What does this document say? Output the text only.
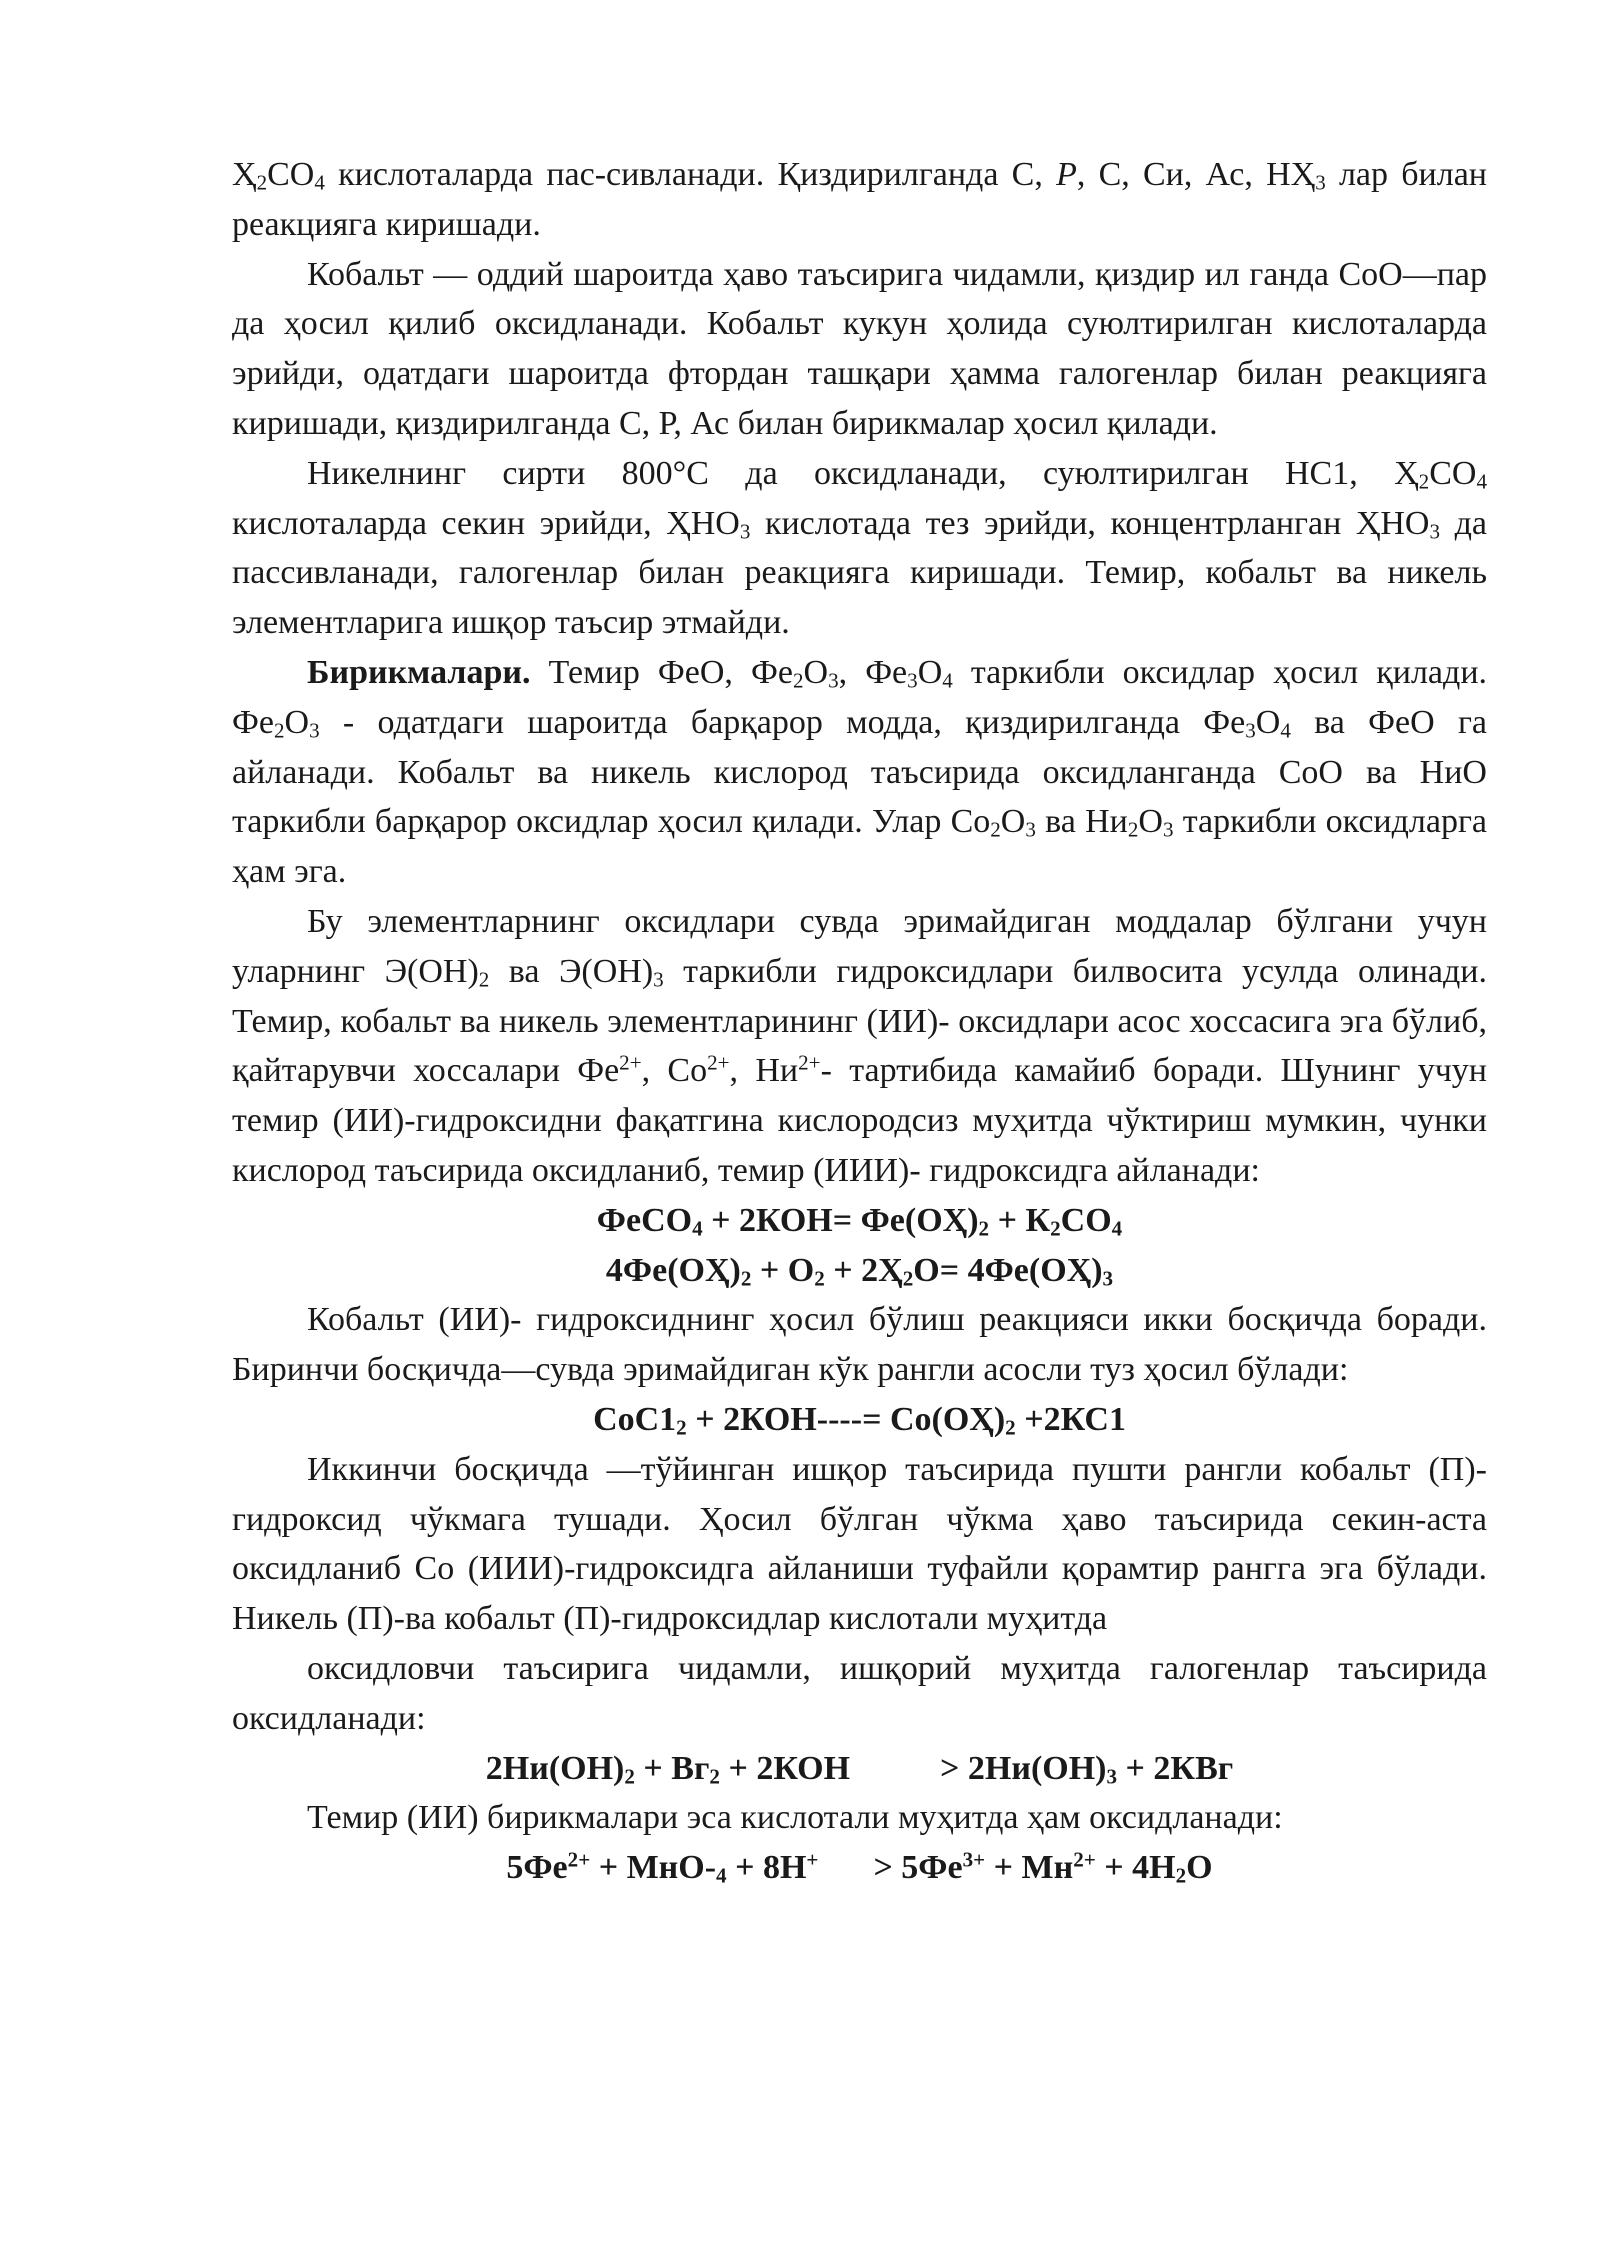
$Ҳ_2СО_4$ кислоталарда пас-сивланади. Қиздирилганда С, Р, С, Си, Ас, $НҲ_3$ лар билан реакцияга киришади.

Кобальт — оддий шароитда ҳаво таъсирига чидамли, қиздир ил ганда СоО—пар да ҳосил қилиб оксидланади. Кобальт кукун ҳолида суюлтирилган кислоталарда эрийди, одатдаги шароитда фтордан ташқари ҳамма галогенлар билан реакцияга киришади, қиздирилганда С, Р, Ас билан бирикмалар ҳосил қилади.

Никелнинг сирти 800°С да оксидланади, суюлтирилган НС1, $Ҳ_2СО_4$ кислоталарда секин эрийди, $ҲНО_3$ кислотада тез эрийди, концентрланган $ҲНО_3$ да пассивланади, галогенлар билан реакцияга киришади. Темир, кобальт ва никель элементларига ишқор таъсир этмайди.

Бирикмалари. Темир ФеО, $Фе_2О_3$, $Фе_3О_4$ таркибли оксидлар ҳосил қилади. $Фе_2О_3$ - одатдаги шароитда барқарор модда, қиздирилганда $Фе_3О_4$ ва ФеО га айланади. Кобальт ва никель кислород таъсирида оксидланганда СоО ва НиО таркибли барқарор оксидлар ҳосил қилади. Улар $Со_2О_3$ ва $Ни_2О_3$ таркибли оксидларга ҳам эга.

Бу элементларнинг оксидлари сувда эримайдиган моддалар бўлгани учун уларнинг $Э(ОН)_2$ ва $Э(ОН)_3$ таркибли гидроксидлари билвосита усулда олинади. Темир, кобальт ва никель элементларининг (ИИ)- оксидлари асос хоссасига эга бўлиб, қайтарувчи хоссалари $Фе^{2+}$, $Со^{2+}$, $Ни^{2+}-$ тартибида камайиб боради. Шунинг учун темир (ИИ)-гидроксидни фақатгина кислородсиз муҳитда чўктириш мумкин, чунки кислород таъсирида оксидланиб, темир (ИИИ)- гидроксидга айланади:

ФеСО$_4$ + $2КОН= Фе(ОҲ)_2 + К_2СО_4$

$4Фе(ОҲ)_2 + О_2 + 2Ҳ_2О= 4Фе(ОҲ)_3$

Кобальт (ИИ)- гидроксиднинг ҳосил бўлиш реакцияси икки босқичда боради. Биринчи босқичда—сувда эримайдиган кўк рангли асосли туз ҳосил бўлади:

$СоС1_2 + 2КОН----= Со(ОҲ)_2 +2КС1$

Иккинчи босқичда —тўйинган ишқор таъсирида пушти рангли кобальт (П)-гидроксид чўкмага тушади. Ҳосил бўлган чўкма ҳаво таъсирида секин-аста оксидланиб Со (ИИИ)-гидроксидга айланиши туфайли қорамтир рангга эга бўлади. Никель (П)-ва кобальт (П)-гидроксидлар кислотали муҳитда

оксидловчи таъсирига чидамли, ишқорий муҳитда галогенлар таъсирида оксидланади:

$2Ни(ОН)_2 + Вг_2 + 2КОН$	> $2Ни(ОН)_3 + 2КВг$

Темир (ИИ) бирикмалари эса кислотали муҳитда ҳам оксидланади:

$5Фе^{2+} + МнО-_4 + 8Н^+ > 5Фе^{3+} + Мн^{2+} + 4Н_2О$
